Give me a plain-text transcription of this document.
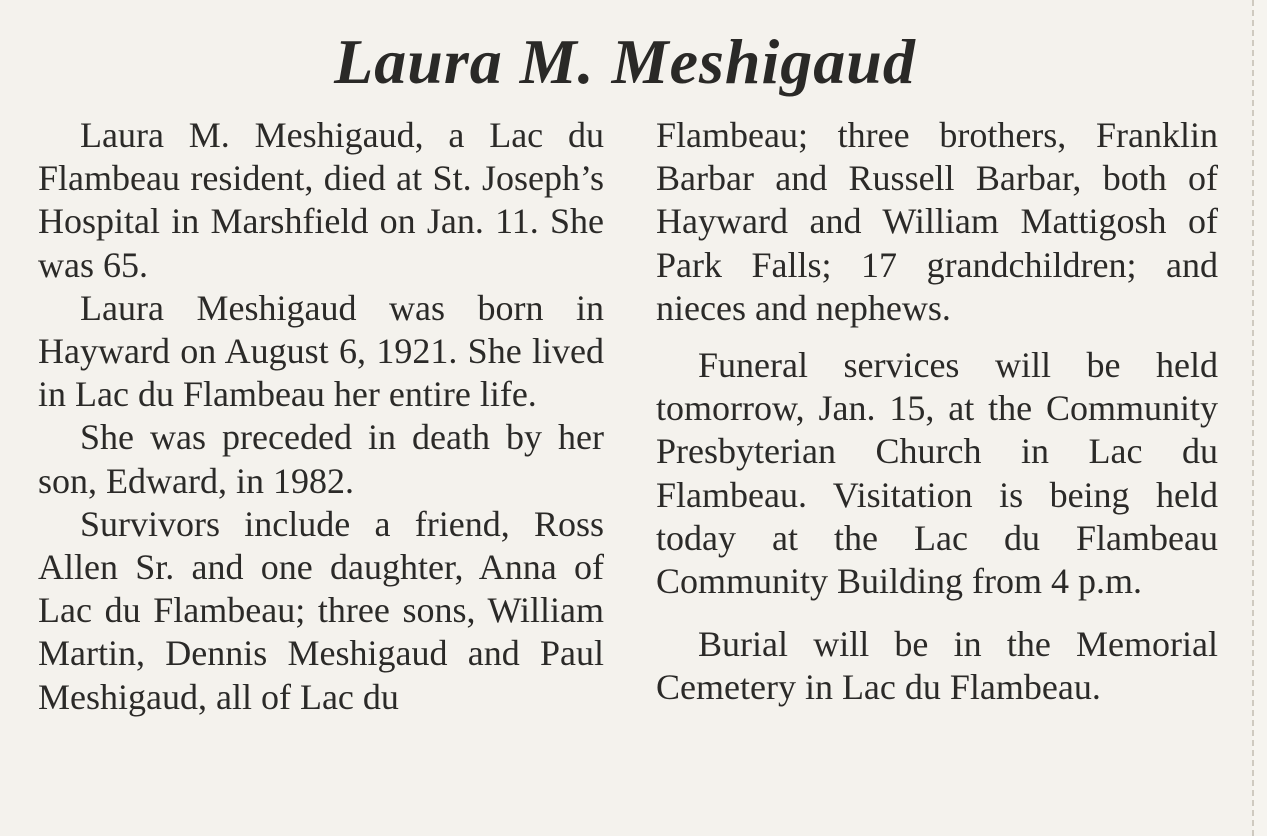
Laura M. Meshigaud

Laura M. Meshigaud, a Lac du Flambeau resident, died at St. Joseph’s Hospital in Marshfield on Jan. 11. She was 65.

Laura Meshigaud was born in Hayward on August 6, 1921. She lived in Lac du Flambeau her entire life.

She was preceded in death by her son, Edward, in 1982.

Survivors include a friend, Ross Allen Sr. and one daughter, Anna of Lac du Flambeau; three sons, William Martin, Dennis Meshigaud and Paul Meshigaud, all of Lac du

Flambeau; three brothers, Franklin Barbar and Russell Barbar, both of Hayward and William Mattigosh of Park Falls; 17 grandchildren; and nieces and nephews.

Funeral services will be held tomorrow, Jan. 15, at the Community Presbyterian Church in Lac du Flambeau. Visitation is being held today at the Lac du Flambeau Community Building from 4 p.m.

Burial will be in the Memorial Cemetery in Lac du Flambeau.
